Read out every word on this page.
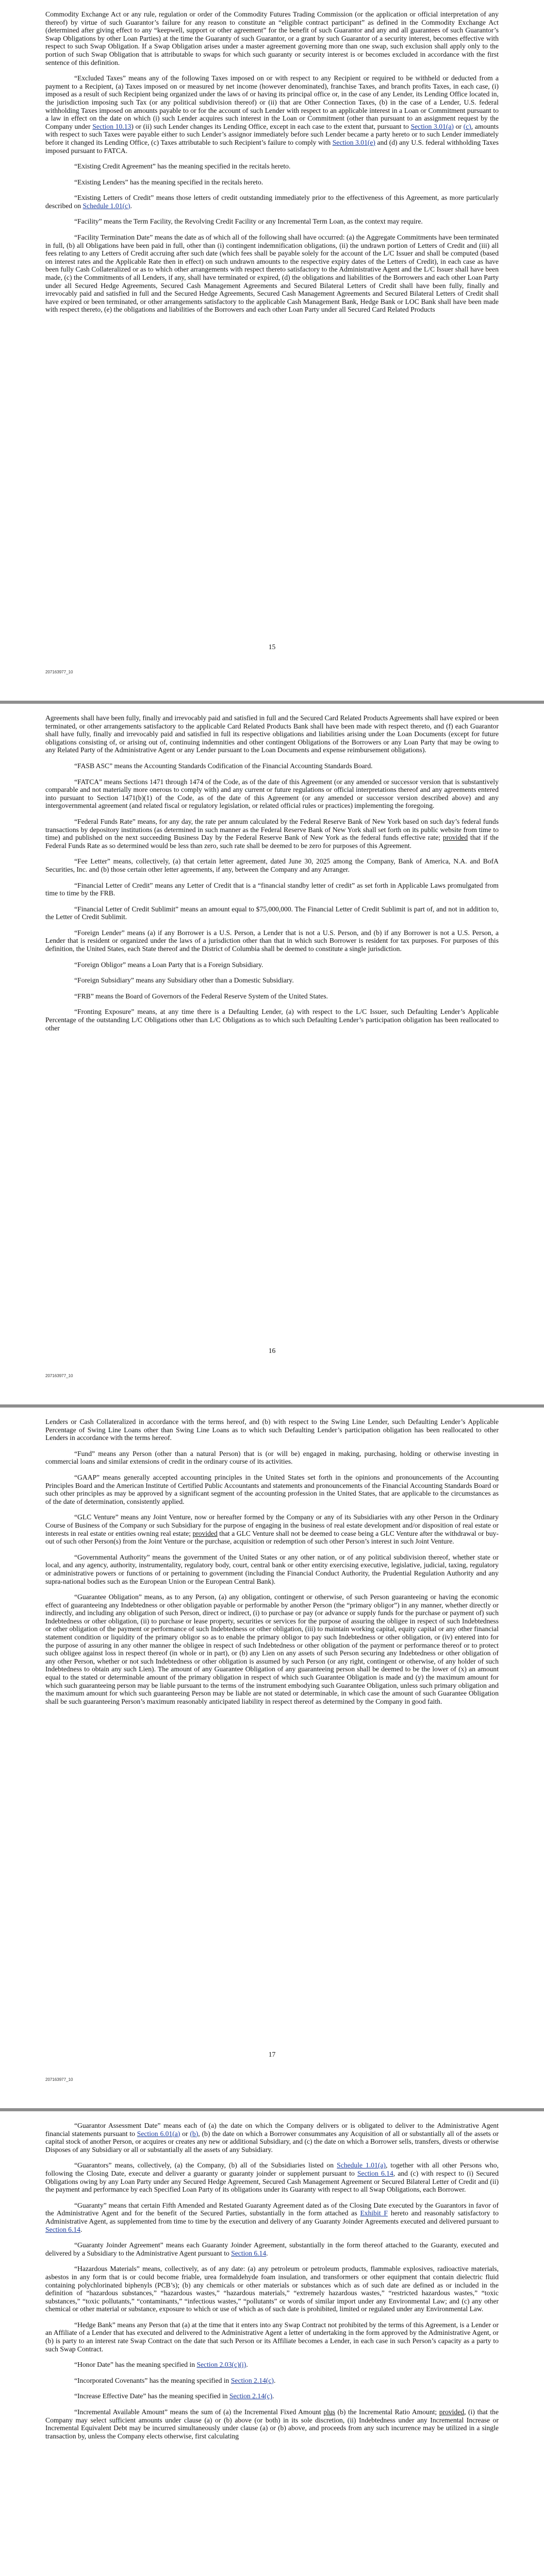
Commodity Exchange Act or any rule, regulation or order of the Commodity Futures Trading Commission (or the application or official interpretation of any thereof) by virtue of such Guarantor’s failure for any reason to constitute an “eligible contract participant” as defined in the Commodity Exchange Act (determined after giving effect to any “keepwell, support or other agreement” for the benefit of such Guarantor and any and all guarantees of such Guarantor’s Swap Obligations by other Loan Parties) at the time the Guaranty of such Guarantor, or a grant by such Guarantor of a security interest, becomes effective with respect to such Swap Obligation. If a Swap Obligation arises under a master agreement governing more than one swap, such exclusion shall apply only to the portion of such Swap Obligation that is attributable to swaps for which such guaranty or security interest is or becomes excluded in accordance with the first sentence of this definition.

“Excluded Taxes” means any of the following Taxes imposed on or with respect to any Recipient or required to be withheld or deducted from a payment to a Recipient, (a) Taxes imposed on or measured by net income (however denominated), franchise Taxes, and branch profits Taxes, in each case, (i) imposed as a result of such Recipient being organized under the laws of or having its principal office or, in the case of any Lender, its Lending Office located in, the jurisdiction imposing such Tax (or any political subdivision thereof) or (ii) that are Other Connection Taxes, (b) in the case of a Lender, U.S. federal withholding Taxes imposed on amounts payable to or for the account of such Lender with respect to an applicable interest in a Loan or Commitment pursuant to a law in effect on the date on which (i) such Lender acquires such interest in the Loan or Commitment (other than pursuant to an assignment request by the Company under Section 10.13) or (ii) such Lender changes its Lending Office, except in each case to the extent that, pursuant to Section 3.01(a) or (c), amounts with respect to such Taxes were payable either to such Lender’s assignor immediately before such Lender became a party hereto or to such Lender immediately before it changed its Lending Office, (c) Taxes attributable to such Recipient’s failure to comply with Section 3.01(e) and (d) any U.S. federal withholding Taxes imposed pursuant to FATCA.

“Existing Credit Agreement” has the meaning specified in the recitals hereto.

“Existing Lenders” has the meaning specified in the recitals hereto.

“Existing Letters of Credit” means those letters of credit outstanding immediately prior to the effectiveness of this Agreement, as more particularly described on Schedule 1.01(c).

“Facility” means the Term Facility, the Revolving Credit Facility or any Incremental Term Loan, as the context may require.

“Facility Termination Date” means the date as of which all of the following shall have occurred: (a) the Aggregate Commitments have been terminated in full, (b) all Obligations have been paid in full, other than (i) contingent indemnification obligations, (ii) the undrawn portion of Letters of Credit and (iii) all fees relating to any Letters of Credit accruing after such date (which fees shall be payable solely for the account of the L/C Issuer and shall be computed (based on interest rates and the Applicable Rate then in effect) on such undrawn amounts to the respective expiry dates of the Letters of Credit), in each case as have been fully Cash Collateralized or as to which other arrangements with respect thereto satisfactory to the Administrative Agent and the L/C Issuer shall have been made, (c) the Commitments of all Lenders, if any, shall have terminated or expired, (d) the obligations and liabilities of the Borrowers and each other Loan Party under all Secured Hedge Agreements, Secured Cash Management Agreements and Secured Bilateral Letters of Credit shall have been fully, finally and irrevocably paid and satisfied in full and the Secured Hedge Agreements, Secured Cash Management Agreements and Secured Bilateral Letters of Credit shall have expired or been terminated, or other arrangements satisfactory to the applicable Cash Management Bank, Hedge Bank or LOC Bank shall have been made with respect thereto, (e) the obligations and liabilities of the Borrowers and each other Loan Party under all Secured Card Related Products

15
207163977_10

Agreements shall have been fully, finally and irrevocably paid and satisfied in full and the Secured Card Related Products Agreements shall have expired or been terminated, or other arrangements satisfactory to the applicable Card Related Products Bank shall have been made with respect thereto, and (f) each Guarantor shall have fully, finally and irrevocably paid and satisfied in full its respective obligations and liabilities arising under the Loan Documents (except for future obligations consisting of, or arising out of, continuing indemnities and other contingent Obligations of the Borrowers or any Loan Party that may be owing to any Related Party of the Administrative Agent or any Lender pursuant to the Loan Documents and expense reimbursement obligations).

“FASB ASC” means the Accounting Standards Codification of the Financial Accounting Standards Board.

“FATCA” means Sections 1471 through 1474 of the Code, as of the date of this Agreement (or any amended or successor version that is substantively comparable and not materially more onerous to comply with) and any current or future regulations or official interpretations thereof and any agreements entered into pursuant to Section 1471(b)(1) of the Code, as of the date of this Agreement (or any amended or successor version described above) and any intergovernmental agreement (and related fiscal or regulatory legislation, or related official rules or practices) implementing the foregoing.

“Federal Funds Rate” means, for any day, the rate per annum calculated by the Federal Reserve Bank of New York based on such day’s federal funds transactions by depository institutions (as determined in such manner as the Federal Reserve Bank of New York shall set forth on its public website from time to time) and published on the next succeeding Business Day by the Federal Reserve Bank of New York as the federal funds effective rate; provided that if the Federal Funds Rate as so determined would be less than zero, such rate shall be deemed to be zero for purposes of this Agreement.

“Fee Letter” means, collectively, (a) that certain letter agreement, dated June 30, 2025 among the Company, Bank of America, N.A. and BofA Securities, Inc. and (b) those certain other letter agreements, if any, between the Company and any Arranger.

“Financial Letter of Credit” means any Letter of Credit that is a “financial standby letter of credit” as set forth in Applicable Laws promulgated from time to time by the FRB.

“Financial Letter of Credit Sublimit” means an amount equal to $75,000,000. The Financial Letter of Credit Sublimit is part of, and not in addition to, the Letter of Credit Sublimit.

“Foreign Lender” means (a) if any Borrower is a U.S. Person, a Lender that is not a U.S. Person, and (b) if any Borrower is not a U.S. Person, a Lender that is resident or organized under the laws of a jurisdiction other than that in which such Borrower is resident for tax purposes. For purposes of this definition, the United States, each State thereof and the District of Columbia shall be deemed to constitute a single jurisdiction.

“Foreign Obligor” means a Loan Party that is a Foreign Subsidiary.

“Foreign Subsidiary” means any Subsidiary other than a Domestic Subsidiary.

“FRB” means the Board of Governors of the Federal Reserve System of the United States.

“Fronting Exposure” means, at any time there is a Defaulting Lender, (a) with respect to the L/C Issuer, such Defaulting Lender’s Applicable Percentage of the outstanding L/C Obligations other than L/C Obligations as to which such Defaulting Lender’s participation obligation has been reallocated to other

16
207163977_10

Lenders or Cash Collateralized in accordance with the terms hereof, and (b) with respect to the Swing Line Lender, such Defaulting Lender’s Applicable Percentage of Swing Line Loans other than Swing Line Loans as to which such Defaulting Lender’s participation obligation has been reallocated to other Lenders in accordance with the terms hereof.

“Fund” means any Person (other than a natural Person) that is (or will be) engaged in making, purchasing, holding or otherwise investing in commercial loans and similar extensions of credit in the ordinary course of its activities.

“GAAP” means generally accepted accounting principles in the United States set forth in the opinions and pronouncements of the Accounting Principles Board and the American Institute of Certified Public Accountants and statements and pronouncements of the Financial Accounting Standards Board or such other principles as may be approved by a significant segment of the accounting profession in the United States, that are applicable to the circumstances as of the date of determination, consistently applied.

“GLC Venture” means any Joint Venture, now or hereafter formed by the Company or any of its Subsidiaries with any other Person in the Ordinary Course of Business of the Company or such Subsidiary for the purpose of engaging in the business of real estate development and/or disposition of real estate or interests in real estate or entities owning real estate; provided that a GLC Venture shall not be deemed to cease being a GLC Venture after the withdrawal or buy-out of such other Person(s) from the Joint Venture or the purchase, acquisition or redemption of such other Person’s interest in such Joint Venture.

“Governmental Authority” means the government of the United States or any other nation, or of any political subdivision thereof, whether state or local, and any agency, authority, instrumentality, regulatory body, court, central bank or other entity exercising executive, legislative, judicial, taxing, regulatory or administrative powers or functions of or pertaining to government (including the Financial Conduct Authority, the Prudential Regulation Authority and any supra-national bodies such as the European Union or the European Central Bank).

“Guarantee Obligation” means, as to any Person, (a) any obligation, contingent or otherwise, of such Person guaranteeing or having the economic effect of guaranteeing any Indebtedness or other obligation payable or performable by another Person (the “primary obligor”) in any manner, whether directly or indirectly, and including any obligation of such Person, direct or indirect, (i) to purchase or pay (or advance or supply funds for the purchase or payment of) such Indebtedness or other obligation, (ii) to purchase or lease property, securities or services for the purpose of assuring the obligee in respect of such Indebtedness or other obligation of the payment or performance of such Indebtedness or other obligation, (iii) to maintain working capital, equity capital or any other financial statement condition or liquidity of the primary obligor so as to enable the primary obligor to pay such Indebtedness or other obligation, or (iv) entered into for the purpose of assuring in any other manner the obligee in respect of such Indebtedness or other obligation of the payment or performance thereof or to protect such obligee against loss in respect thereof (in whole or in part), or (b) any Lien on any assets of such Person securing any Indebtedness or other obligation of any other Person, whether or not such Indebtedness or other obligation is assumed by such Person (or any right, contingent or otherwise, of any holder of such Indebtedness to obtain any such Lien). The amount of any Guarantee Obligation of any guaranteeing person shall be deemed to be the lower of (x) an amount equal to the stated or determinable amount of the primary obligation in respect of which such Guarantee Obligation is made and (y) the maximum amount for which such guaranteeing person may be liable pursuant to the terms of the instrument embodying such Guarantee Obligation, unless such primary obligation and the maximum amount for which such guaranteeing Person may be liable are not stated or determinable, in which case the amount of such Guarantee Obligation shall be such guaranteeing Person’s maximum reasonably anticipated liability in respect thereof as determined by the Company in good faith.

17
207163977_10

“Guarantor Assessment Date” means each of (a) the date on which the Company delivers or is obligated to deliver to the Administrative Agent financial statements pursuant to Section 6.01(a) or (b), (b) the date on which a Borrower consummates any Acquisition of all or substantially all of the assets or capital stock of another Person, or acquires or creates any new or additional Subsidiary, and (c) the date on which a Borrower sells, transfers, divests or otherwise Disposes of any Subsidiary or all or substantially all the assets of any Subsidiary.

“Guarantors” means, collectively, (a) the Company, (b) all of the Subsidiaries listed on Schedule 1.01(a), together with all other Persons who, following the Closing Date, execute and deliver a guaranty or guaranty joinder or supplement pursuant to Section 6.14, and (c) with respect to (i) Secured Obligations owing by any Loan Party under any Secured Hedge Agreement, Secured Cash Management Agreement or Secured Bilateral Letter of Credit and (ii) the payment and performance by each Specified Loan Party of its obligations under its Guaranty with respect to all Swap Obligations, each Borrower.

“Guaranty” means that certain Fifth Amended and Restated Guaranty Agreement dated as of the Closing Date executed by the Guarantors in favor of the Administrative Agent and for the benefit of the Secured Parties, substantially in the form attached as Exhibit F hereto and reasonably satisfactory to Administrative Agent, as supplemented from time to time by the execution and delivery of any Guaranty Joinder Agreements executed and delivered pursuant to Section 6.14.

“Guaranty Joinder Agreement” means each Guaranty Joinder Agreement, substantially in the form thereof attached to the Guaranty, executed and delivered by a Subsidiary to the Administrative Agent pursuant to Section 6.14.

“Hazardous Materials” means, collectively, as of any date: (a) any petroleum or petroleum products, flammable explosives, radioactive materials, asbestos in any form that is or could become friable, urea formaldehyde foam insulation, and transformers or other equipment that contain dielectric fluid containing polychlorinated biphenyls (PCB’s); (b) any chemicals or other materials or substances which as of such date are defined as or included in the definition of “hazardous substances,” “hazardous wastes,” “hazardous materials,” “extremely hazardous wastes,” “restricted hazardous wastes,” “toxic substances,” “toxic pollutants,” “contaminants,” “infectious wastes,” “pollutants” or words of similar import under any Environmental Law; and (c) any other chemical or other material or substance, exposure to which or use of which as of such date is prohibited, limited or regulated under any Environmental Law.

“Hedge Bank” means any Person that (a) at the time that it enters into any Swap Contract not prohibited by the terms of this Agreement, is a Lender or an Affiliate of a Lender that has executed and delivered to the Administrative Agent a letter of undertaking in the form approved by the Administrative Agent, or (b) is party to an interest rate Swap Contract on the date that such Person or its Affiliate becomes a Lender, in each case in such Person’s capacity as a party to such Swap Contract.

“Honor Date” has the meaning specified in Section 2.03(c)(i).

“Incorporated Covenants” has the meaning specified in Section 2.14(c).

“Increase Effective Date” has the meaning specified in Section 2.14(c).

“Incremental Available Amount” means the sum of (a) the Incremental Fixed Amount plus (b) the Incremental Ratio Amount; provided, (i) that the Company may select sufficient amounts under clause (a) or (b) above (or both) in its sole discretion, (ii) Indebtedness under any Incremental Increase or Incremental Equivalent Debt may be incurred simultaneously under clause (a) or (b) above, and proceeds from any such incurrence may be utilized in a single transaction by, unless the Company elects otherwise, first calculating
